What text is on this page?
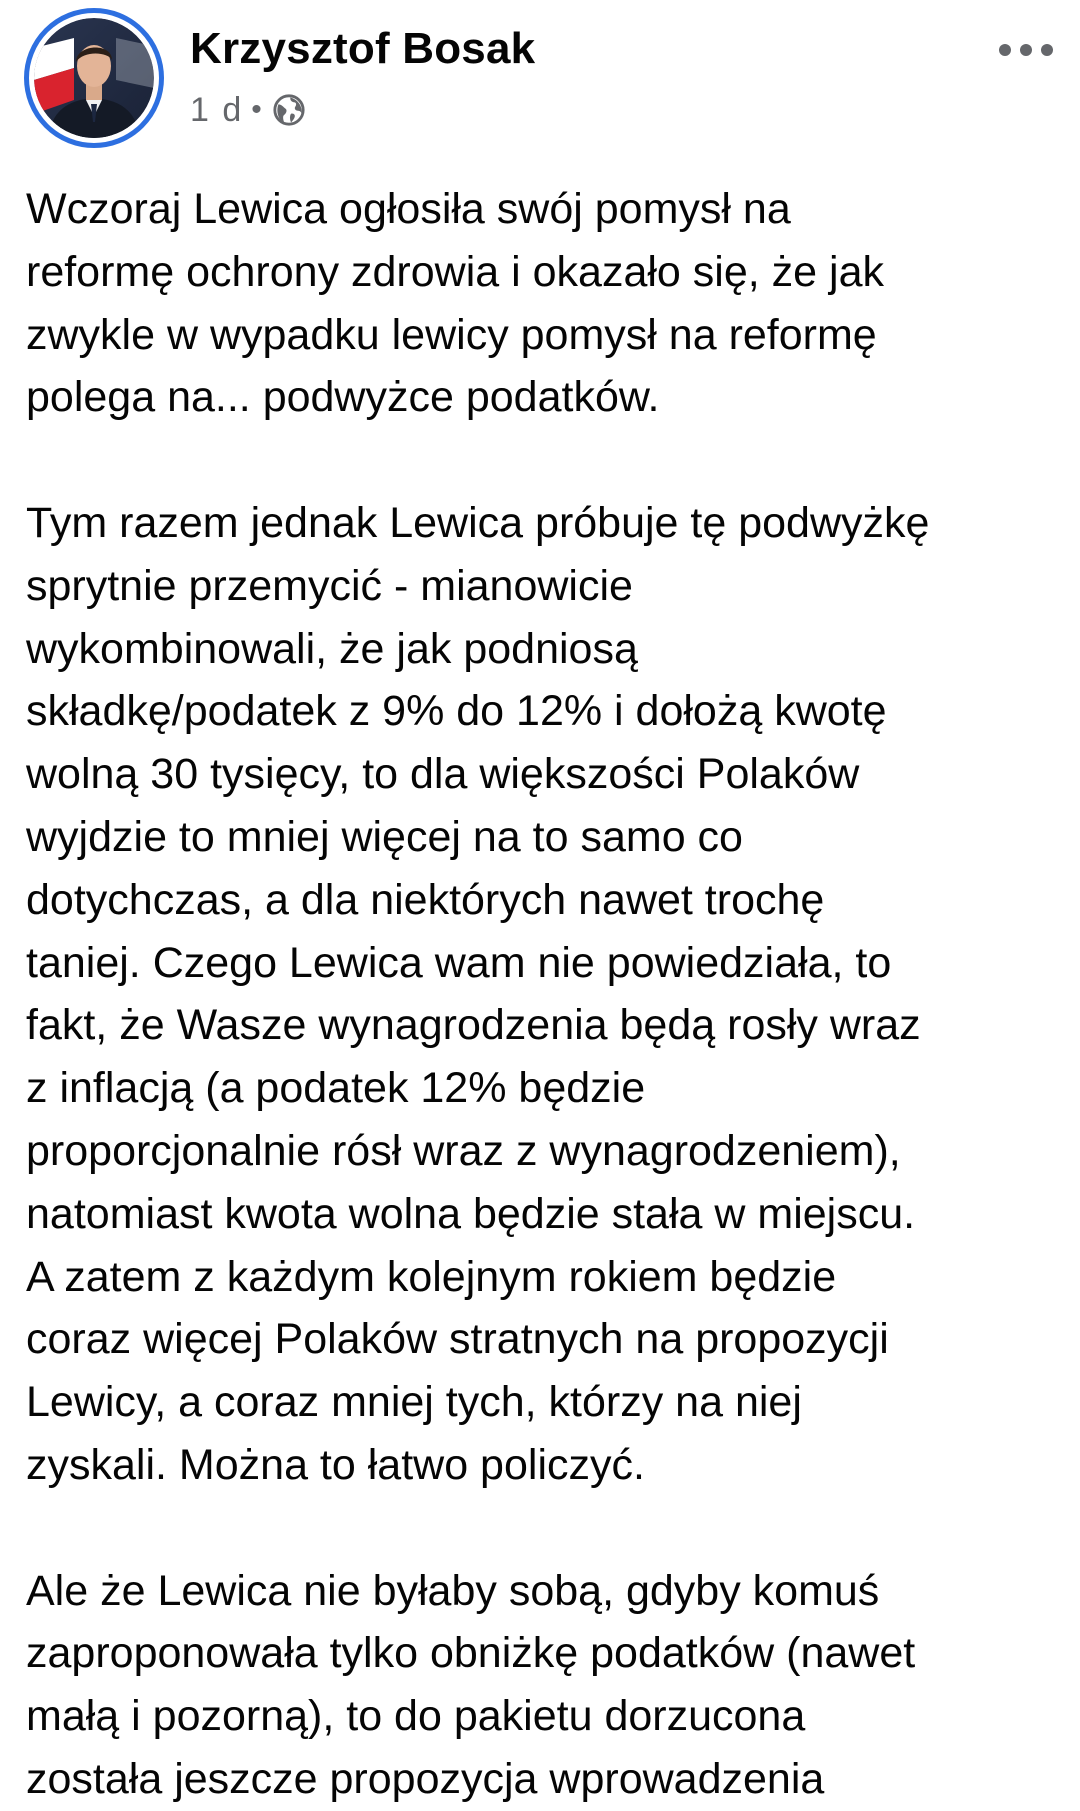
Krzysztof Bosak
1 d •
Wczoraj Lewica ogłosiła swój pomysł na
reformę ochrony zdrowia i okazało się, że jak
zwykle w wypadku lewicy pomysł na reformę
polega na... podwyżce podatków.
Tym razem jednak Lewica próbuje tę podwyżkę
sprytnie przemycić - mianowicie
wykombinowali, że jak podniosą
składkę/podatek z 9% do 12% i dołożą kwotę
wolną 30 tysięcy, to dla większości Polaków
wyjdzie to mniej więcej na to samo co
dotychczas, a dla niektórych nawet trochę
taniej. Czego Lewica wam nie powiedziała, to
fakt, że Wasze wynagrodzenia będą rosły wraz
z inflacją (a podatek 12% będzie
proporcjonalnie rósł wraz z wynagrodzeniem),
natomiast kwota wolna będzie stała w miejscu.
A zatem z każdym kolejnym rokiem będzie
coraz więcej Polaków stratnych na propozycji
Lewicy, a coraz mniej tych, którzy na niej
zyskali. Można to łatwo policzyć.
Ale że Lewica nie byłaby sobą, gdyby komuś
zaproponowała tylko obniżkę podatków (nawet
małą i pozorną), to do pakietu dorzucona
została jeszcze propozycja wprowadzenia
